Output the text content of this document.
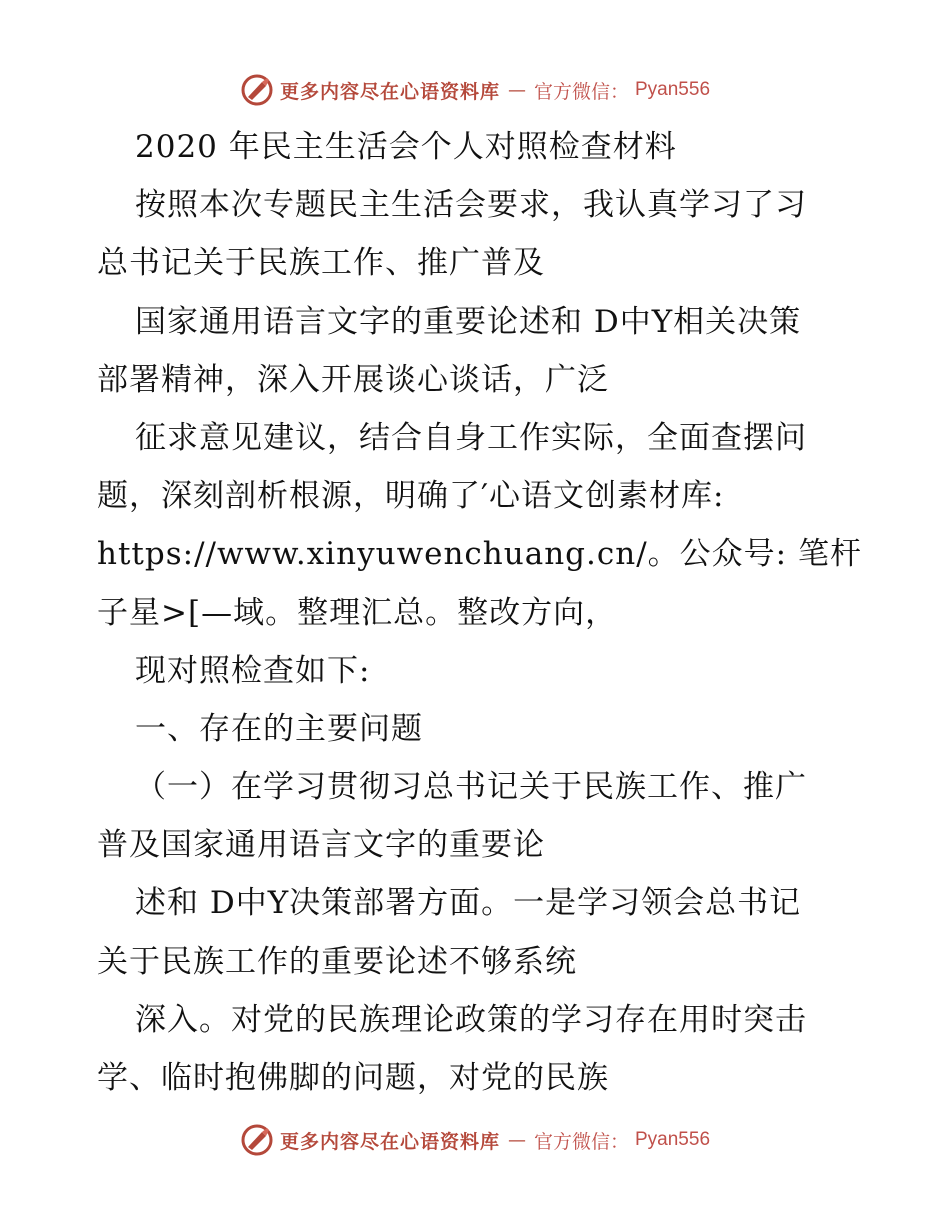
更多内容尽在心语资料库 — 官方微信： Pyan556
2020 年民主生活会个人对照检查材料
按照本次专题民主生活会要求，我认真学习了习
总书记关于民族工作、推广普及
国家通用语言文字的重要论述和 D中Y相关决策
部署精神，深入开展谈心谈话，广泛
征求意见建议，结合自身工作实际，全面查摆问
题，深刻剖析根源，明确了′心语文创素材库:
https://www.xinyuwenchuang.cn/。公众号: 笔杆
子星>[—域。整理汇总。整改方向，
现对照检查如下:
一、存在的主要问题
（一）在学习贯彻习总书记关于民族工作、推广
普及国家通用语言文字的重要论
述和 D中Y决策部署方面。一是学习领会总书记
关于民族工作的重要论述不够系统
深入。对党的民族理论政策的学习存在用时突击
学、临时抱佛脚的问题，对党的民族
更多内容尽在心语资料库 — 官方微信： Pyan556
